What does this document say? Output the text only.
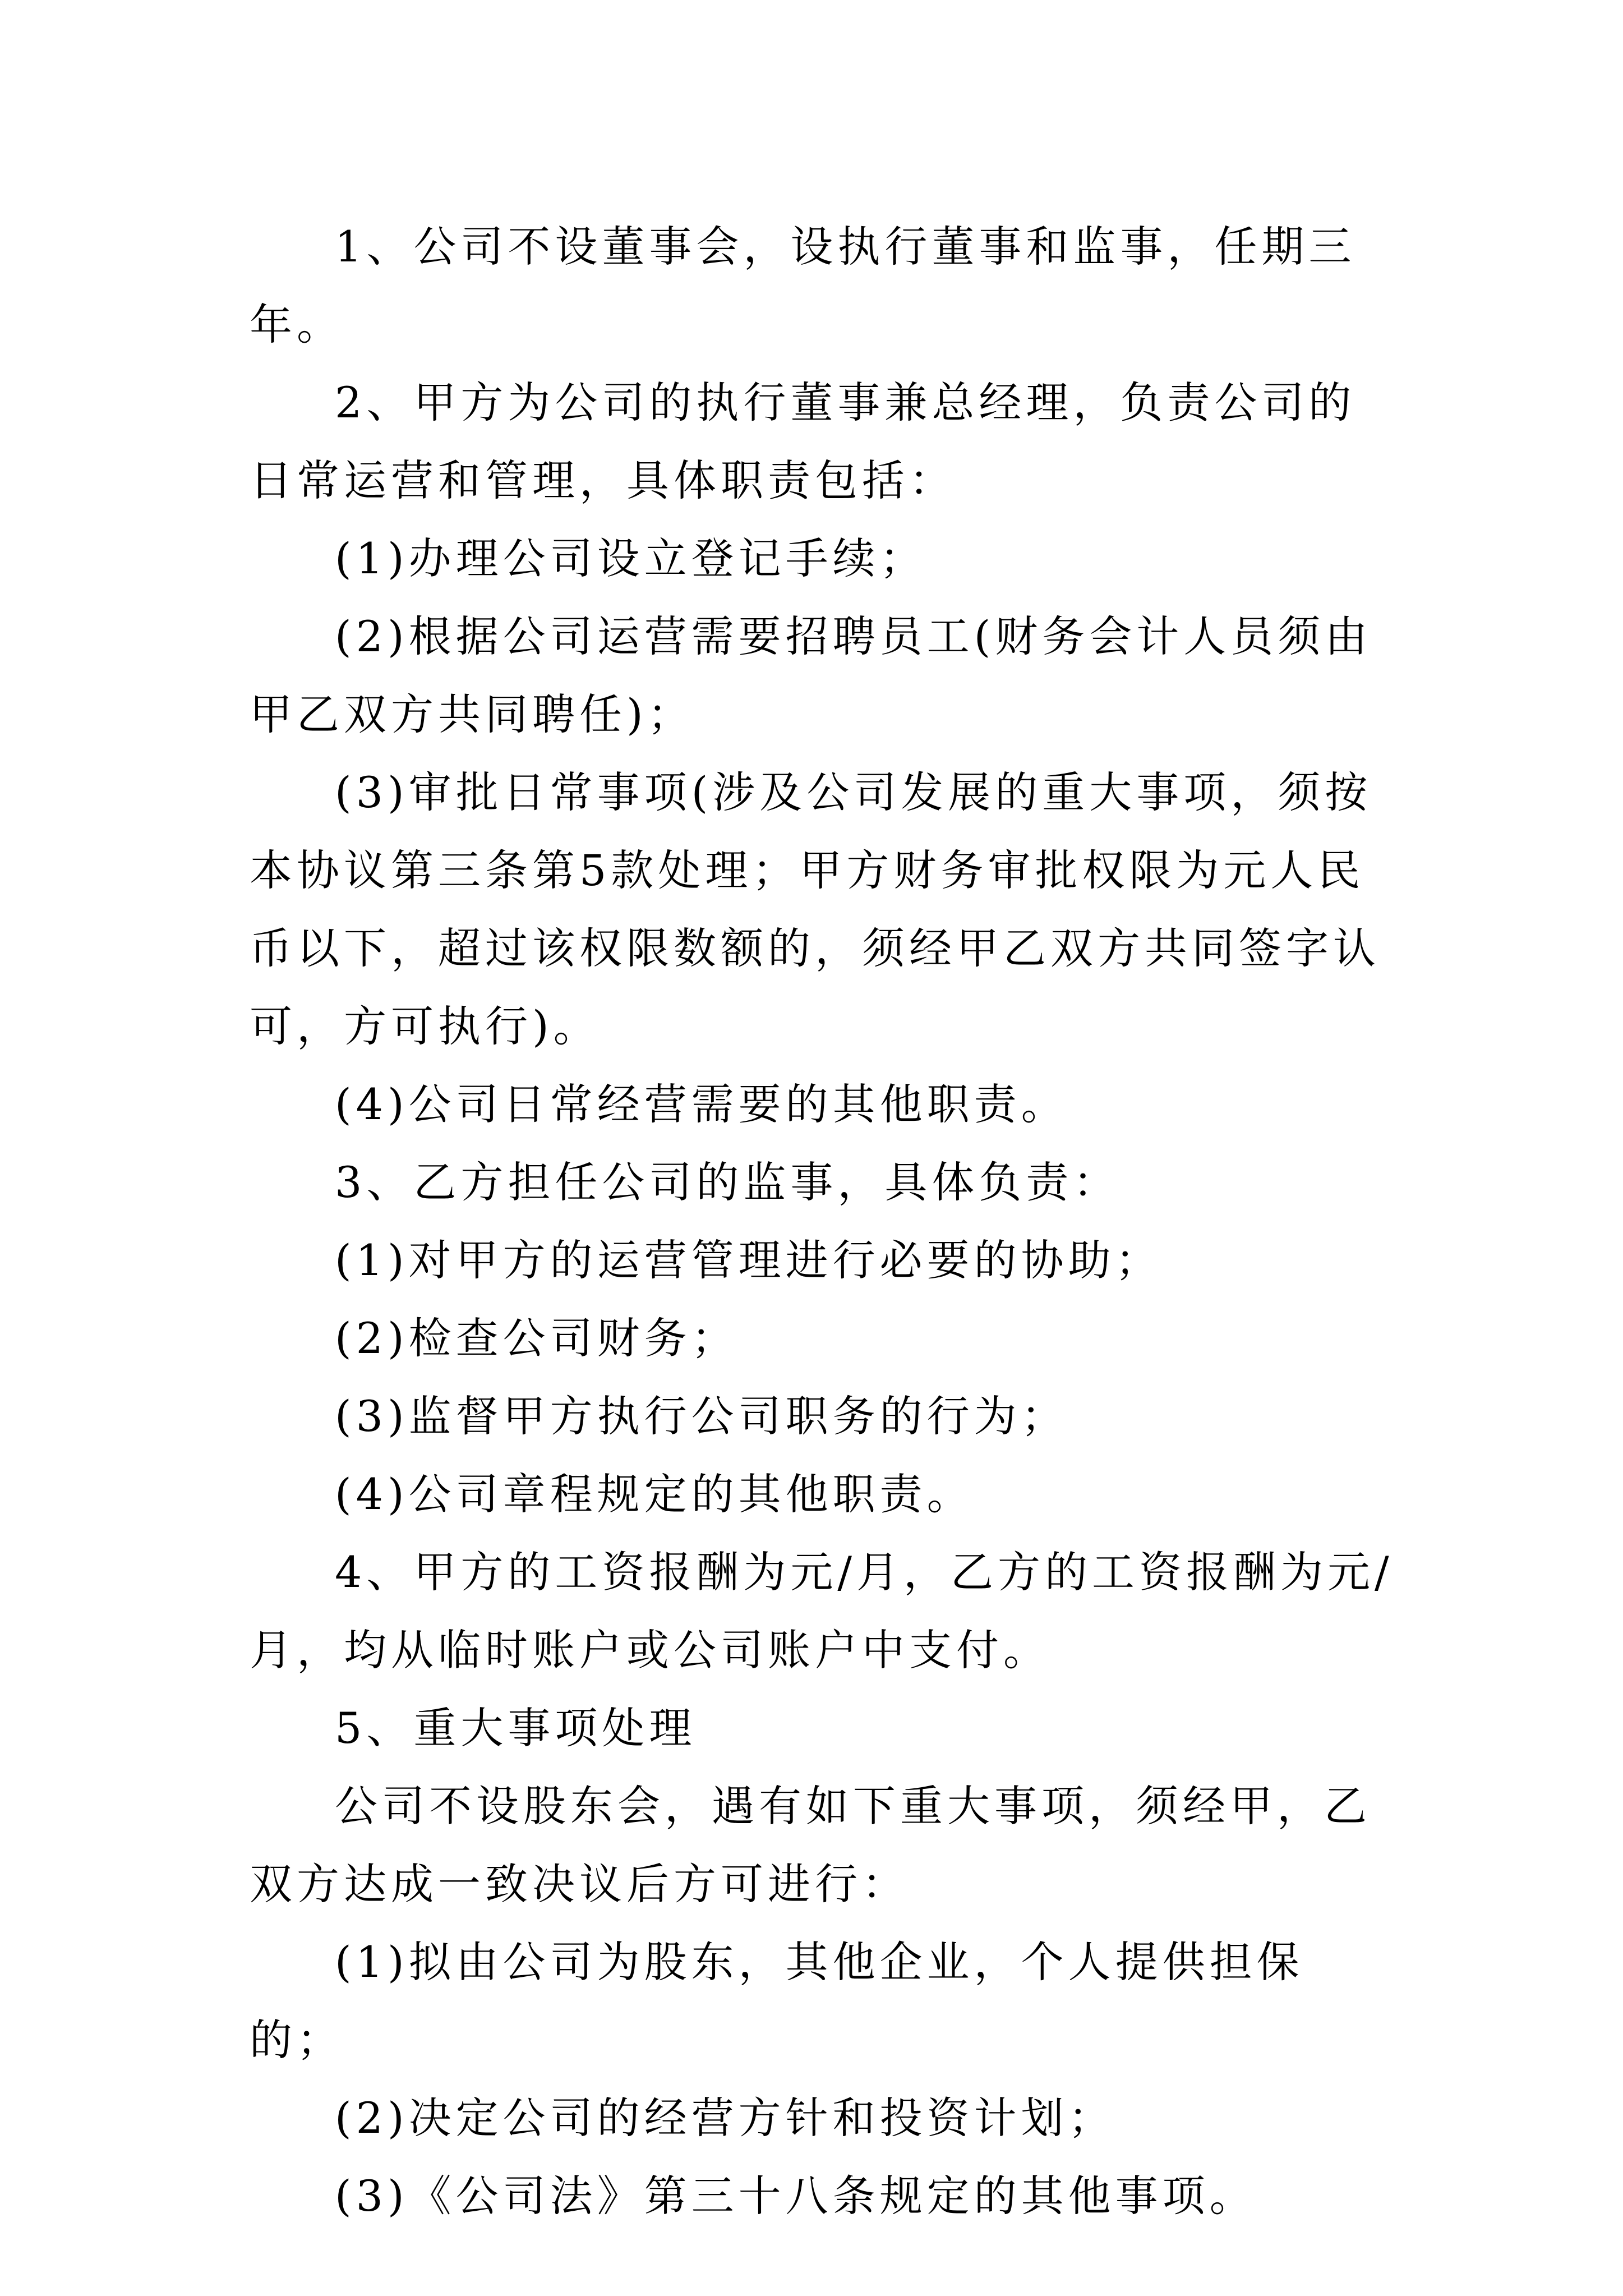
1、公司不设董事会，设执行董事和监事，任期三年。

2、甲方为公司的执行董事兼总经理，负责公司的日常运营和管理，具体职责包括：

(1)办理公司设立登记手续；

(2)根据公司运营需要招聘员工(财务会计人员须由甲乙双方共同聘任)；

(3)审批日常事项(涉及公司发展的重大事项，须按本协议第三条第5款处理；甲方财务审批权限为元人民币以下，超过该权限数额的，须经甲乙双方共同签字认可，方可执行)。

(4)公司日常经营需要的其他职责。

3、乙方担任公司的监事，具体负责：

(1)对甲方的运营管理进行必要的协助；

(2)检查公司财务；

(3)监督甲方执行公司职务的行为；

(4)公司章程规定的其他职责。

4、甲方的工资报酬为元/月，乙方的工资报酬为元/月，均从临时账户或公司账户中支付。

5、重大事项处理

公司不设股东会，遇有如下重大事项，须经甲，乙双方达成一致决议后方可进行：

(1)拟由公司为股东，其他企业，个人提供担保的；

(2)决定公司的经营方针和投资计划；

(3)《公司法》第三十八条规定的其他事项。
